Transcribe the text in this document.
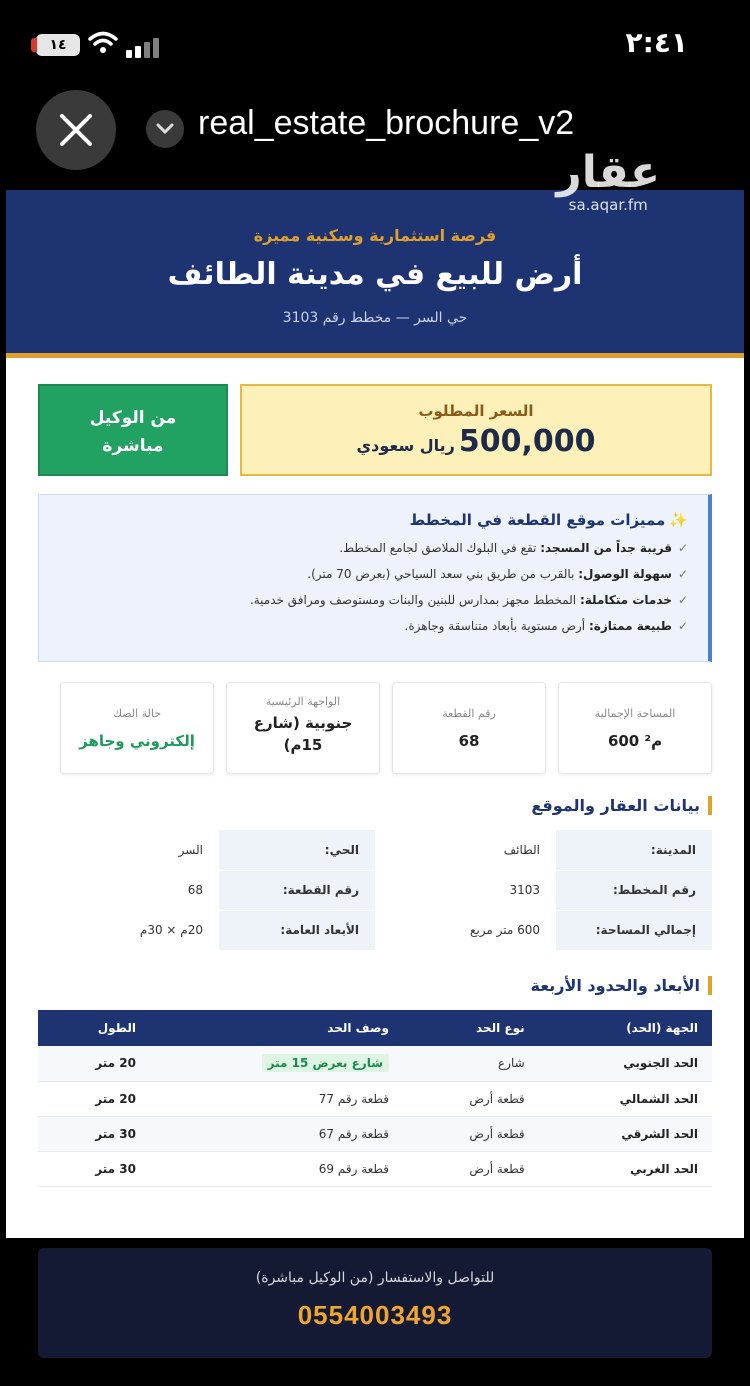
١٤	٢:٤١
real_estate_brochure_v2
عقار
sa.aqar.fm
فرصة استثمارية وسكنية مميزة
أرض للبيع في مدينة الطائف
حي السر — مخطط رقم 3103
من الوكيل
مباشرة
السعر المطلوب
500,000ريال سعودي
✨مميزات موقع القطعة في المخطط
✓قريبة جداً من المسجد: تقع في البلوك الملاصق لجامع المخطط.
✓سهولة الوصول: بالقرب من طريق بني سعد السياحي (بعرض 70 متر).
✓خدمات متكاملة: المخطط مجهز بمدارس للبنين والبنات ومستوصف ومرافق خدمية.
✓طبيعة ممتازة: أرض مستوية بأبعاد متناسقة وجاهزة.
المساحة الإجمالية
600 م²
رقم القطعة
68
الواجهة الرئيسية
جنوبية (شارع 15م)
حالة الصك
إلكتروني وجاهز
بيانات العقار والموقع
المدينة:	الطائف	الحي:	السر
رقم المخطط:	3103	رقم القطعة:	68
إجمالي المساحة:	600 متر مربع	الأبعاد العامة:	20م × 30م
الأبعاد والحدود الأربعة
الجهة (الحد)	نوع الحد	وصف الحد	الطول
الحد الجنوبي	شارع	شارع بعرض 15 متر	20 متر
الحد الشمالي	قطعة أرض	قطعة رقم 77	20 متر
الحد الشرقي	قطعة أرض	قطعة رقم 67	30 متر
الحد الغربي	قطعة أرض	قطعة رقم 69	30 متر
للتواصل والاستفسار (من الوكيل مباشرة)
0554003493
